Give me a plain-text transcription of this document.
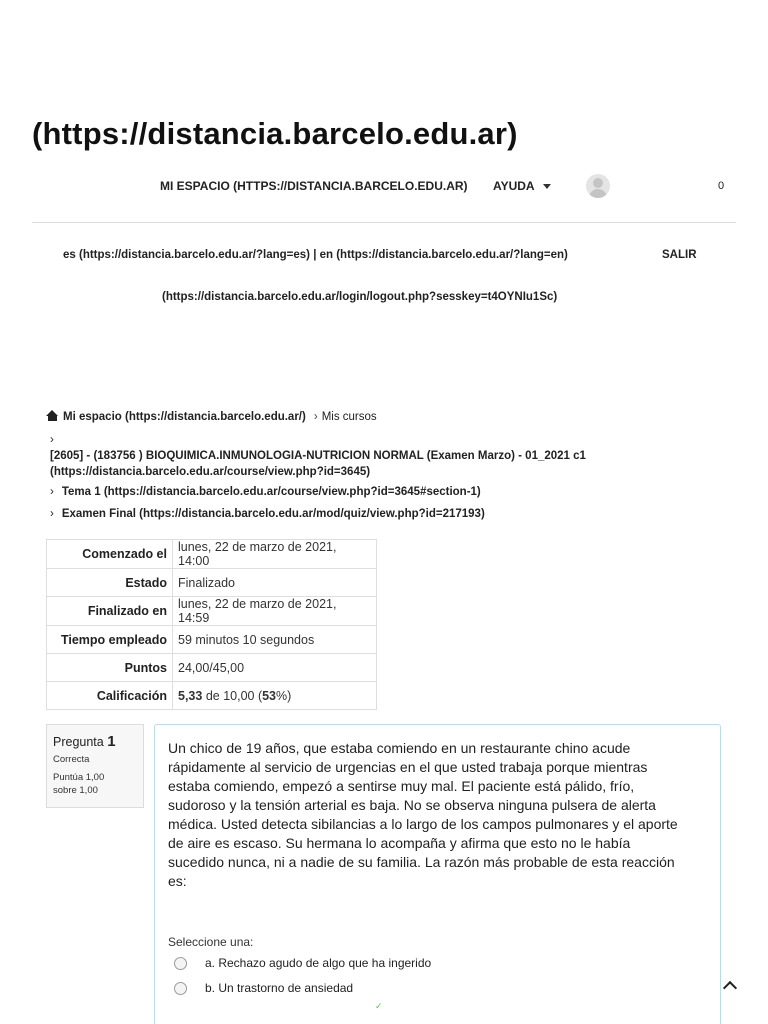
(https://distancia.barcelo.edu.ar)
MI ESPACIO (HTTPS://DISTANCIA.BARCELO.EDU.AR) AYUDA	0
es (https://distancia.barcelo.edu.ar/?lang=es) | en (https://distancia.barcelo.edu.ar/?lang=en)	SALIR
(https://distancia.barcelo.edu.ar/login/logout.php?sesskey=t4OYNIu1Sc)
Mi espacio (https://distancia.barcelo.edu.ar/) › Mis cursos
›
[2605] - (183756 ) BIOQUIMICA.INMUNOLOGIA-NUTRICION NORMAL (Examen Marzo) - 01_2021 c1
(https://distancia.barcelo.edu.ar/course/view.php?id=3645)
› Tema 1 (https://distancia.barcelo.edu.ar/course/view.php?id=3645#section-1)
› Examen Final (https://distancia.barcelo.edu.ar/mod/quiz/view.php?id=217193)
Comenzado el	lunes, 22 de marzo de 2021, 14:00
Estado	Finalizado
Finalizado en	lunes, 22 de marzo de 2021, 14:59
Tiempo empleado	59 minutos 10 segundos
Puntos	24,00/45,00
Calificación	5,33 de 10,00 (53%)
Pregunta 1
Correcta
Puntúa 1,00
sobre 1,00
Un chico de 19 años, que estaba comiendo en un restaurante chino acude rápidamente al servicio de urgencias en el que usted trabaja porque mientras estaba comiendo, empezó a sentirse muy mal. El paciente está pálido, frío, sudoroso y la tensión arterial es baja. No se observa ninguna pulsera de alerta médica. Usted detecta sibilancias a lo largo de los campos pulmonares y el aporte de aire es escaso. Su hermana lo acompaña y afirma que esto no le había sucedido nunca, ni a nadie de su familia. La razón más probable de esta reacción es:
Seleccione una:
a. Rechazo agudo de algo que ha ingerido
b. Un trastorno de ansiedad
✓
